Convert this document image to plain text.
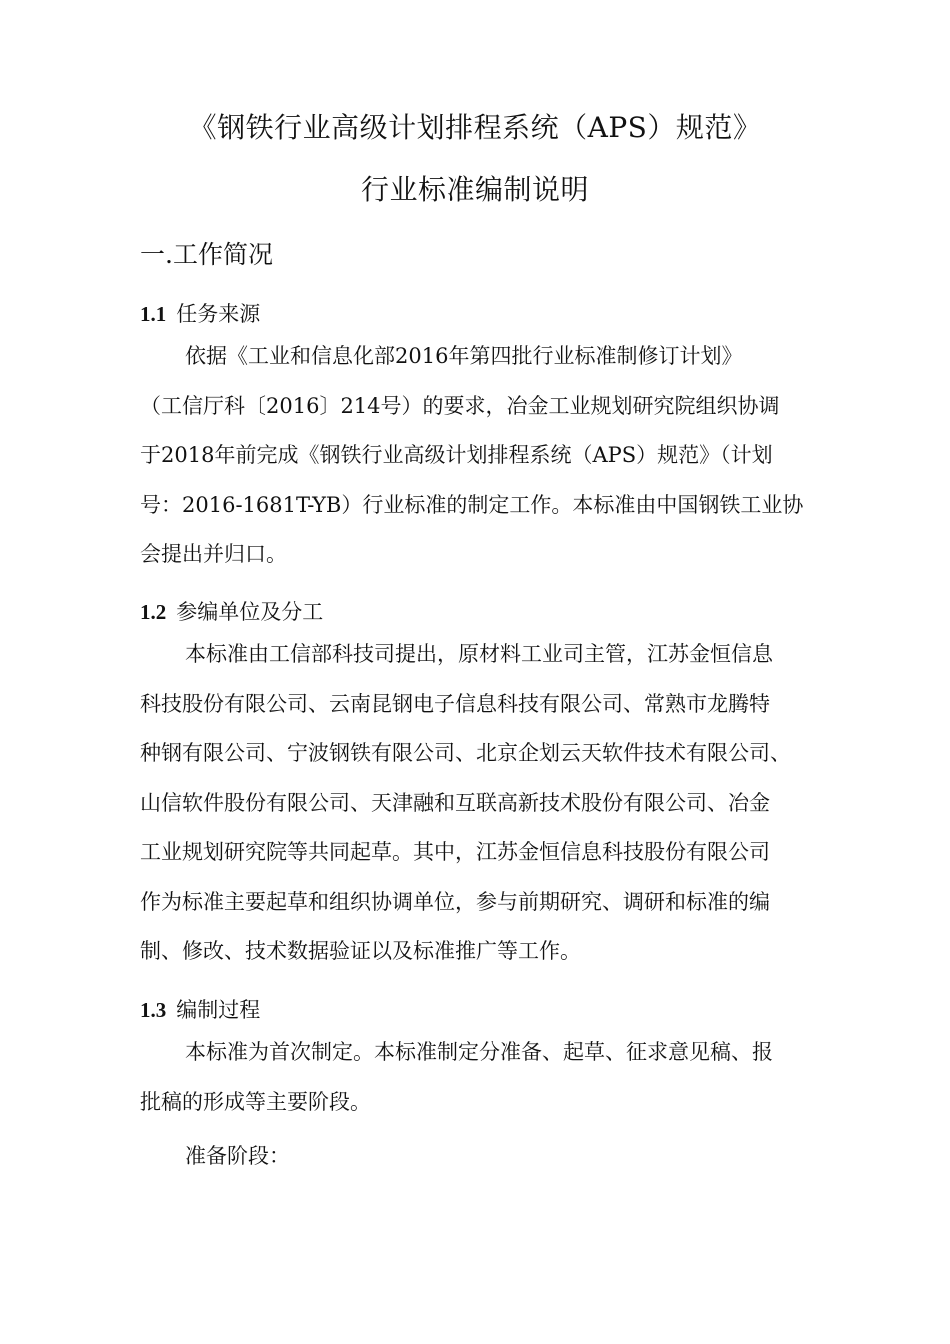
《钢铁行业高级计划排程系统（APS）规范》
行业标准编制说明
一.工作简况
1.1 任务来源
依据《工业和信息化部2016年第四批行业标准制修订计划》
（工信厅科〔2016〕214号）的要求，冶金工业规划研究院组织协调
于2018年前完成《钢铁行业高级计划排程系统（APS）规范》（计划
号：2016-1681T-YB）行业标准的制定工作。本标准由中国钢铁工业协
会提出并归口。
1.2 参编单位及分工
本标准由工信部科技司提出，原材料工业司主管，江苏金恒信息
科技股份有限公司、云南昆钢电子信息科技有限公司、常熟市龙腾特
种钢有限公司、宁波钢铁有限公司、北京企划云天软件技术有限公司、
山信软件股份有限公司、天津融和互联高新技术股份有限公司、冶金
工业规划研究院等共同起草。其中，江苏金恒信息科技股份有限公司
作为标准主要起草和组织协调单位，参与前期研究、调研和标准的编
制、修改、技术数据验证以及标准推广等工作。
1.3 编制过程
本标准为首次制定。本标准制定分准备、起草、征求意见稿、报
批稿的形成等主要阶段。
准备阶段：
